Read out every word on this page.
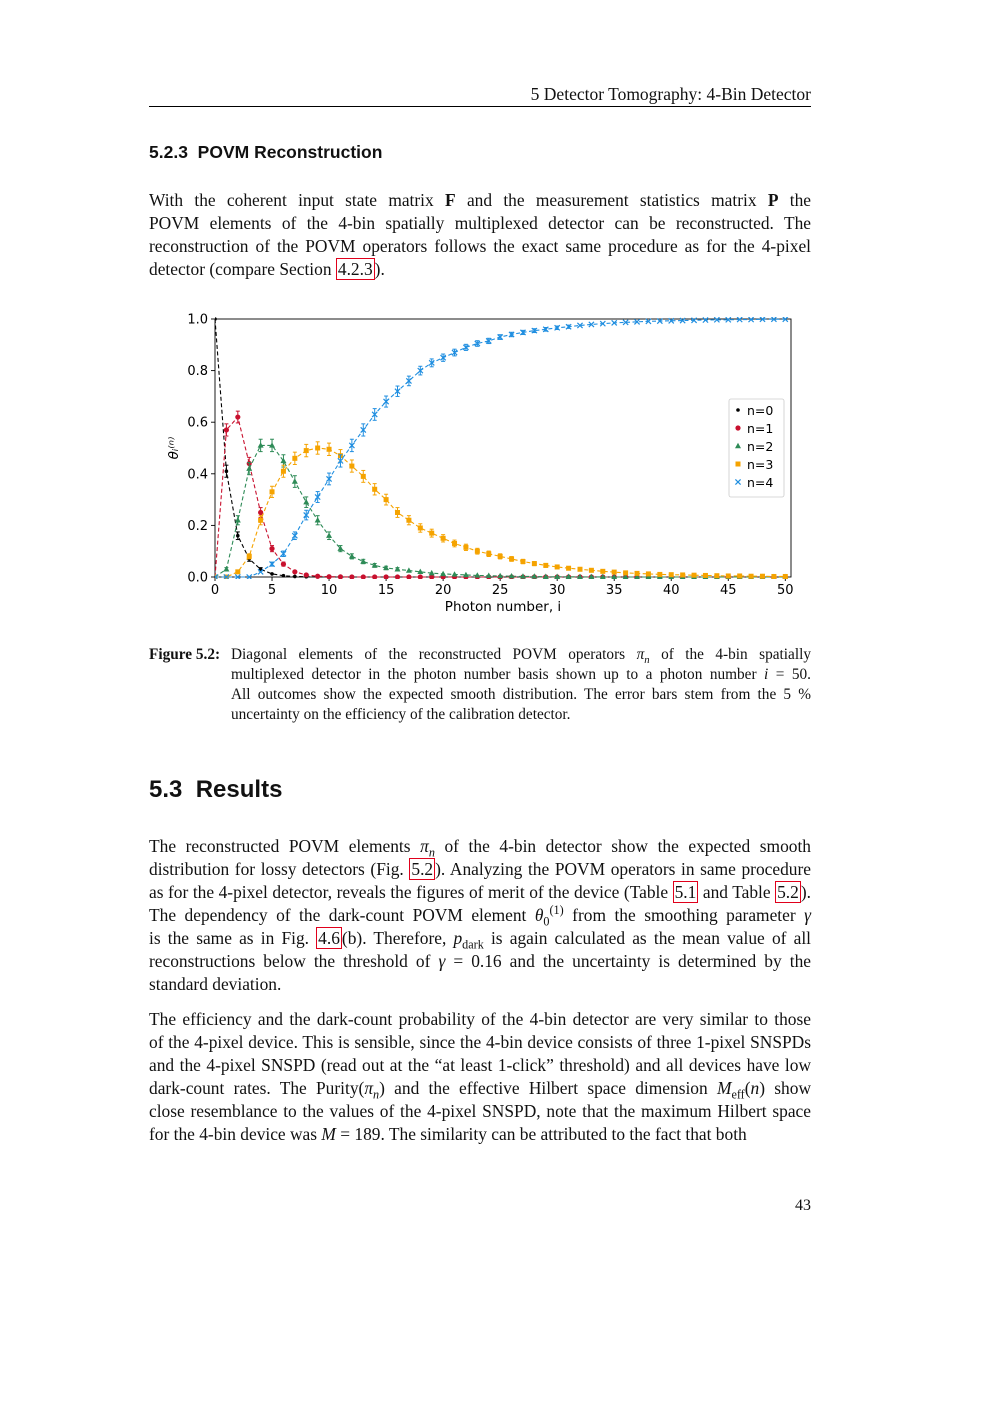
5 Detector Tomography: 4-Bin Detector
5.2.3 POVM Reconstruction
With the coherent input state matrix F and the measurement statistics matrix P the
POVM elements of the 4-bin spatially multiplexed detector can be reconstructed. The
reconstruction of the POVM operators follows the exact same procedure as for the 4-pixel
detector (compare Section 4.2.3 ).
0	5	10	15	20	25	30	35	40	45	50
0.0
0.2
0.4
0.6
0.8
1.0
Photon number, i
θᵢ⁽ⁿ⁾
n=0
n=1
n=2
n=3
n=4
Figure 5.2: Diagonal elements of the reconstructed POVM operators $\pi_n$ of the 4-bin spatially
multiplexed detector in the photon number basis shown up to a photon number i = 50.
All outcomes show the expected smooth distribution. The error bars stem from the 5 %
uncertainty on the efficiency of the calibration detector.
5.3 Results
The reconstructed POVM elements $\pi_n$ of the 4-bin detector show the expected smooth
distribution for lossy detectors (Fig. 5.2 ). Analyzing the POVM operators in same procedure
as for the 4-pixel detector, reveals the figures of merit of the device (Table 5.1 and Table 5.2 ).
The dependency of the dark-count POVM element $\theta_0^{(1)}$ from the smoothing parameter γ
is the same as in Fig. 4.6 (b). Therefore, $p_{dark}$ is again calculated as the mean value of all
reconstructions below the threshold of γ = 0.16 and the uncertainty is determined by the
standard deviation.
The efficiency and the dark-count probability of the 4-bin detector are very similar to those
of the 4-pixel device. This is sensible, since the 4-bin device consists of three 1-pixel SNSPDs
and the 4-pixel SNSPD (read out at the “at least 1-click” threshold) and all devices have low
dark-count rates. The $Purity(\pi_n)$ and the effective Hilbert space dimension $M_{eff}(n)$ show
close resemblance to the values of the 4-pixel SNSPD, note that the maximum Hilbert space
for the 4-bin device was M = 189. The similarity can be attributed to the fact that both
43
